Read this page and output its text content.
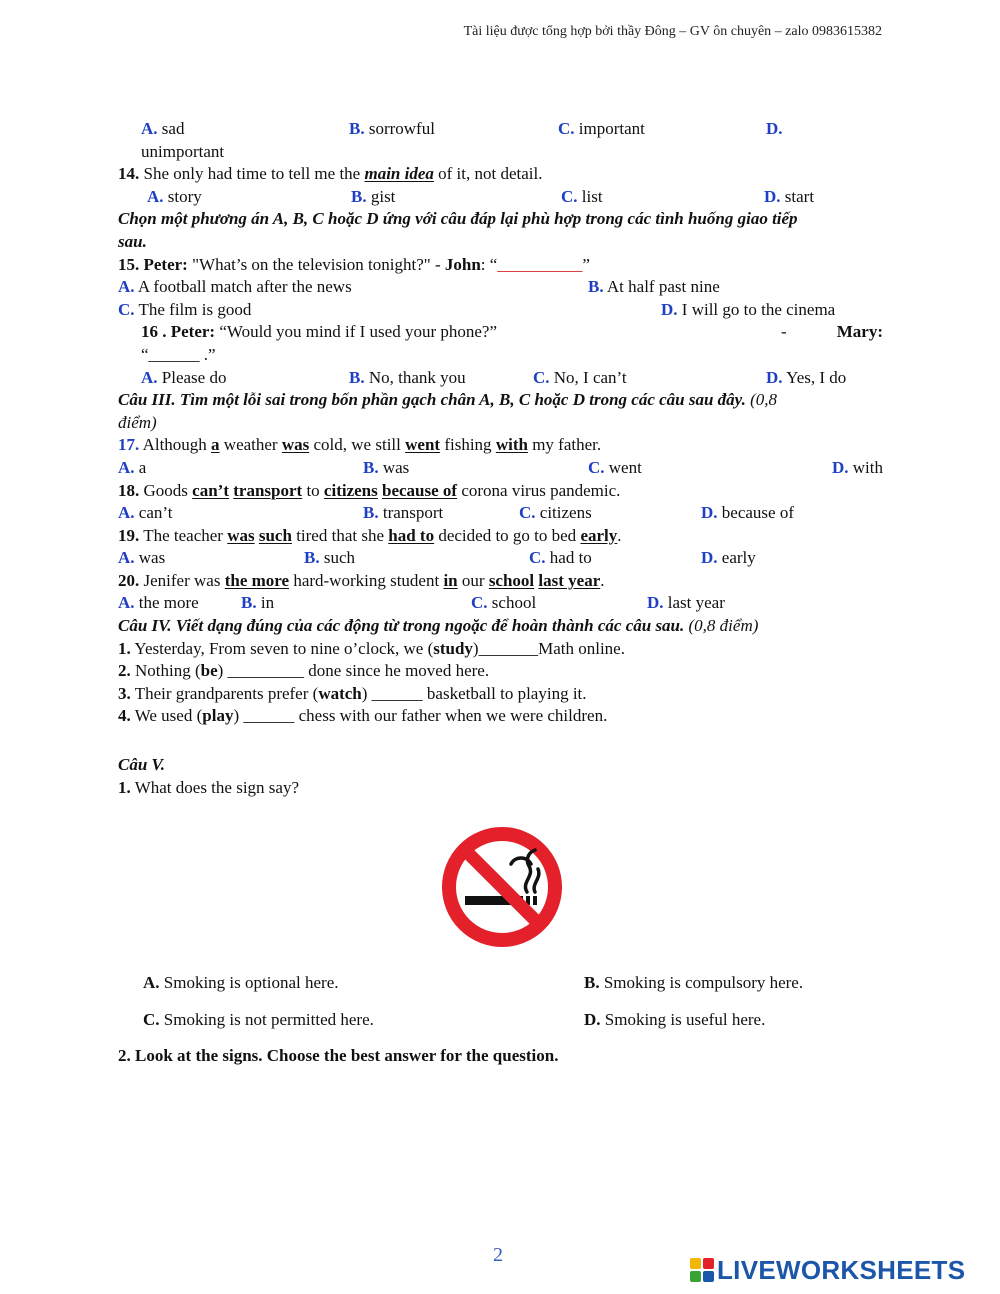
Tài liệu được tổng hợp bởi thầy Đông – GV ôn chuyên – zalo 0983615382
A. sad	B. sorrowful	C. important	D.
unimportant
14. She only had time to tell me the main idea of it, not detail.
A. story	B. gist	C. list	D. start
Chọn một phương án A, B, C hoặc D ứng với câu đáp lại phù hợp trong các tình huống giao tiếp
sau.
15. Peter: "What’s on the television tonight?" - John: “__________”
A. A football match after the news	B. At half past nine
C. The film is good	D. I will go to the cinema
16 . Peter: “Would you mind if I used your phone?”	-	Mary:
“______ .”
A. Please do	B. No, thank you	C. No, I can’t	D. Yes, I do
Câu III. Tìm một lỗi sai trong bốn phần gạch chân A, B, C hoặc D trong các câu sau đây. (0,8
điểm)
17. Although a weather was cold, we still went fishing with my father.
A. a	B. was	C. went	D. with
18. Goods can’t transport to citizens because of corona virus pandemic.
A. can’t	B. transport	C. citizens	D. because of
19. The teacher was such tired that she had to decided to go to bed early.
A. was	B. such	C. had to	D. early
20. Jenifer was the more hard-working student in our school last year.
A. the more B. in	C. school	D. last year
Câu IV. Viết dạng đúng của các động từ trong ngoặc để hoàn thành các câu sau. (0,8 điểm)
1. Yesterday, From seven to nine o’clock, we (study)_______Math online.
2. Nothing (be) _________ done since he moved here.
3. Their grandparents prefer (watch) ______ basketball to playing it.
4. We used (play) ______ chess with our father when we were children.
Câu V.
1. What does the sign say?
A. Smoking is optional here.	B. Smoking is compulsory here.
C. Smoking is not permitted here.	D. Smoking is useful here.
2. Look at the signs. Choose the best answer for the question.
2	LIVEWORKSHEETS
